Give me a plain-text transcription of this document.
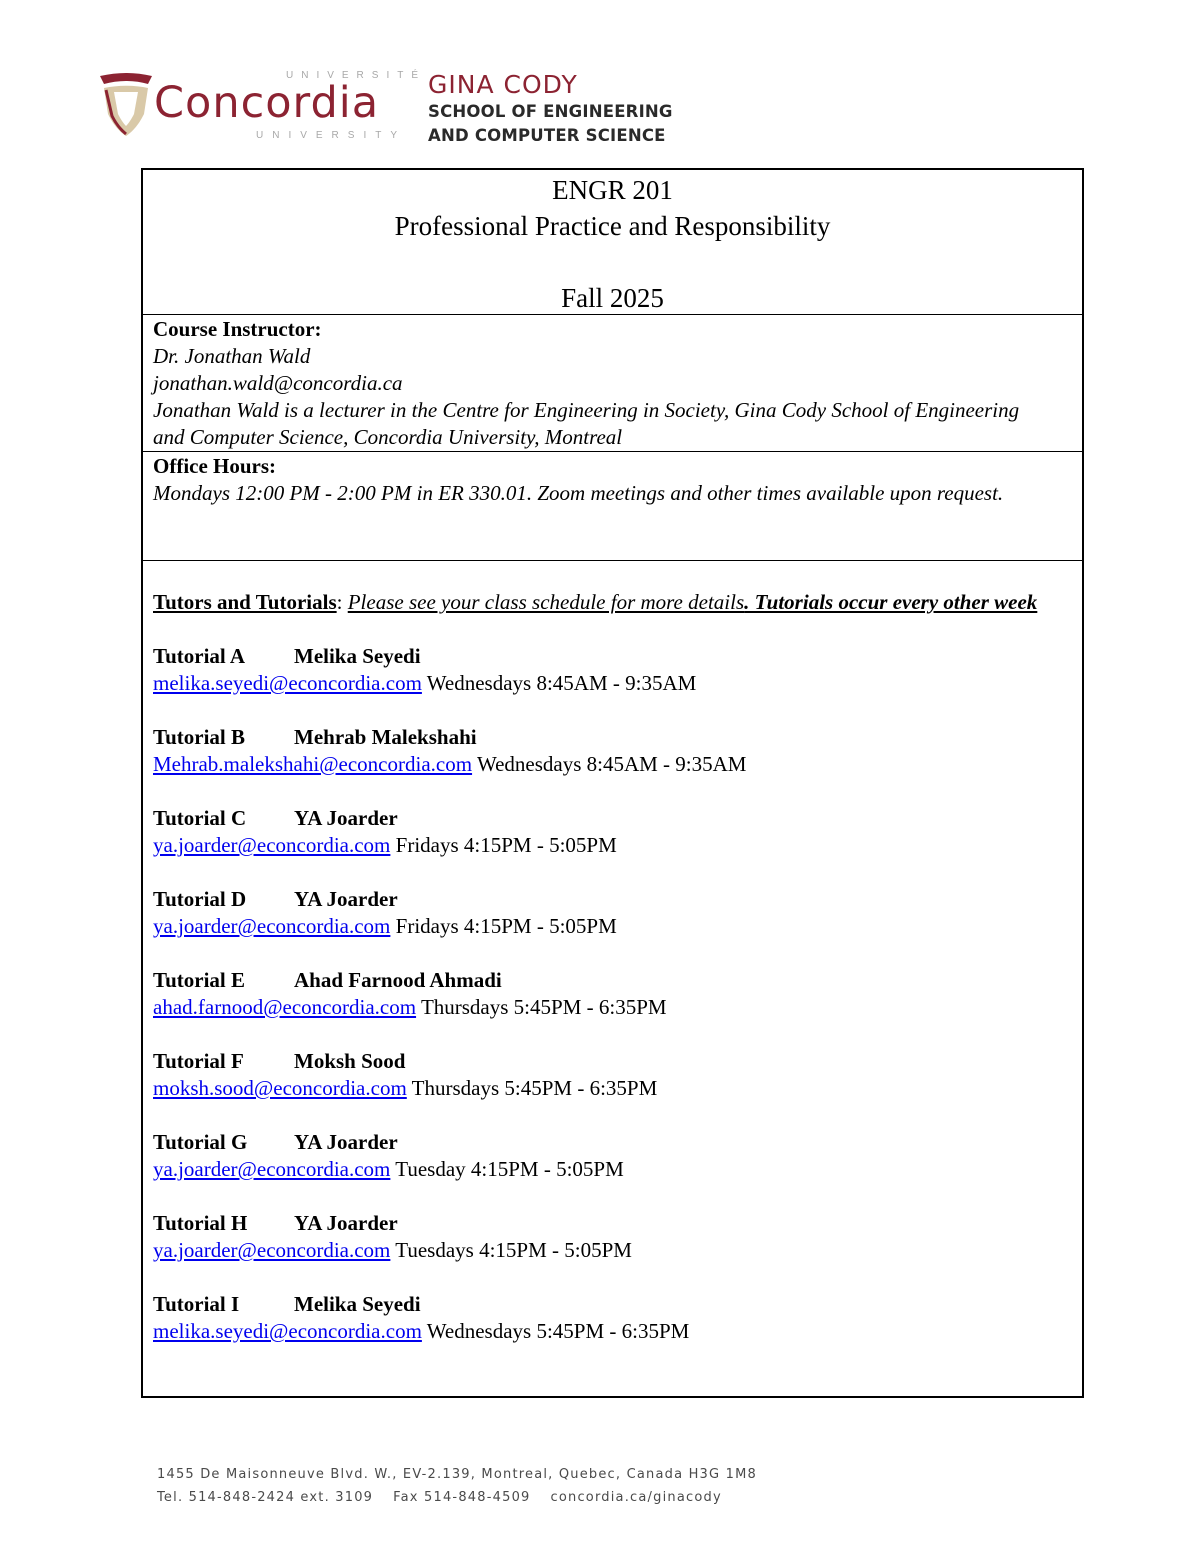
UNIVERSITÉ
Concordia
UNIVERSITY
GINA CODY
SCHOOL OF ENGINEERING
AND COMPUTER SCIENCE
ENGR 201
Professional Practice and Responsibility
Fall 2025
Course Instructor:
Dr. Jonathan Wald
jonathan.wald@concordia.ca
Jonathan Wald is a lecturer in the Centre for Engineering in Society, Gina Cody School of Engineering and Computer Science, Concordia University, Montreal
Office Hours:
Mondays 12:00 PM - 2:00 PM in ER 330.01. Zoom meetings and other times available upon request.
Tutors and Tutorials: Please see your class schedule for more details. Tutorials occur every other week
Tutorial A Melika Seyedi
melika.seyedi@econcordia.com Wednesdays 8:45AM - 9:35AM
Tutorial B Mehrab Malekshahi
Mehrab.malekshahi@econcordia.com Wednesdays 8:45AM - 9:35AM
Tutorial C YA Joarder
ya.joarder@econcordia.com Fridays 4:15PM - 5:05PM
Tutorial D YA Joarder
ya.joarder@econcordia.com Fridays 4:15PM - 5:05PM
Tutorial E Ahad Farnood Ahmadi
ahad.farnood@econcordia.com Thursdays 5:45PM - 6:35PM
Tutorial F Moksh Sood
moksh.sood@econcordia.com Thursdays 5:45PM - 6:35PM
Tutorial G YA Joarder
ya.joarder@econcordia.com Tuesday 4:15PM - 5:05PM
Tutorial H YA Joarder
ya.joarder@econcordia.com Tuesdays 4:15PM - 5:05PM
Tutorial I	Melika Seyedi
melika.seyedi@econcordia.com Wednesdays 5:45PM - 6:35PM
1455 De Maisonneuve Blvd. W., EV-2.139, Montreal, Quebec, Canada H3G 1M8
Tel. 514-848-2424 ext. 3109 Fax 514-848-4509 concordia.ca/ginacody
